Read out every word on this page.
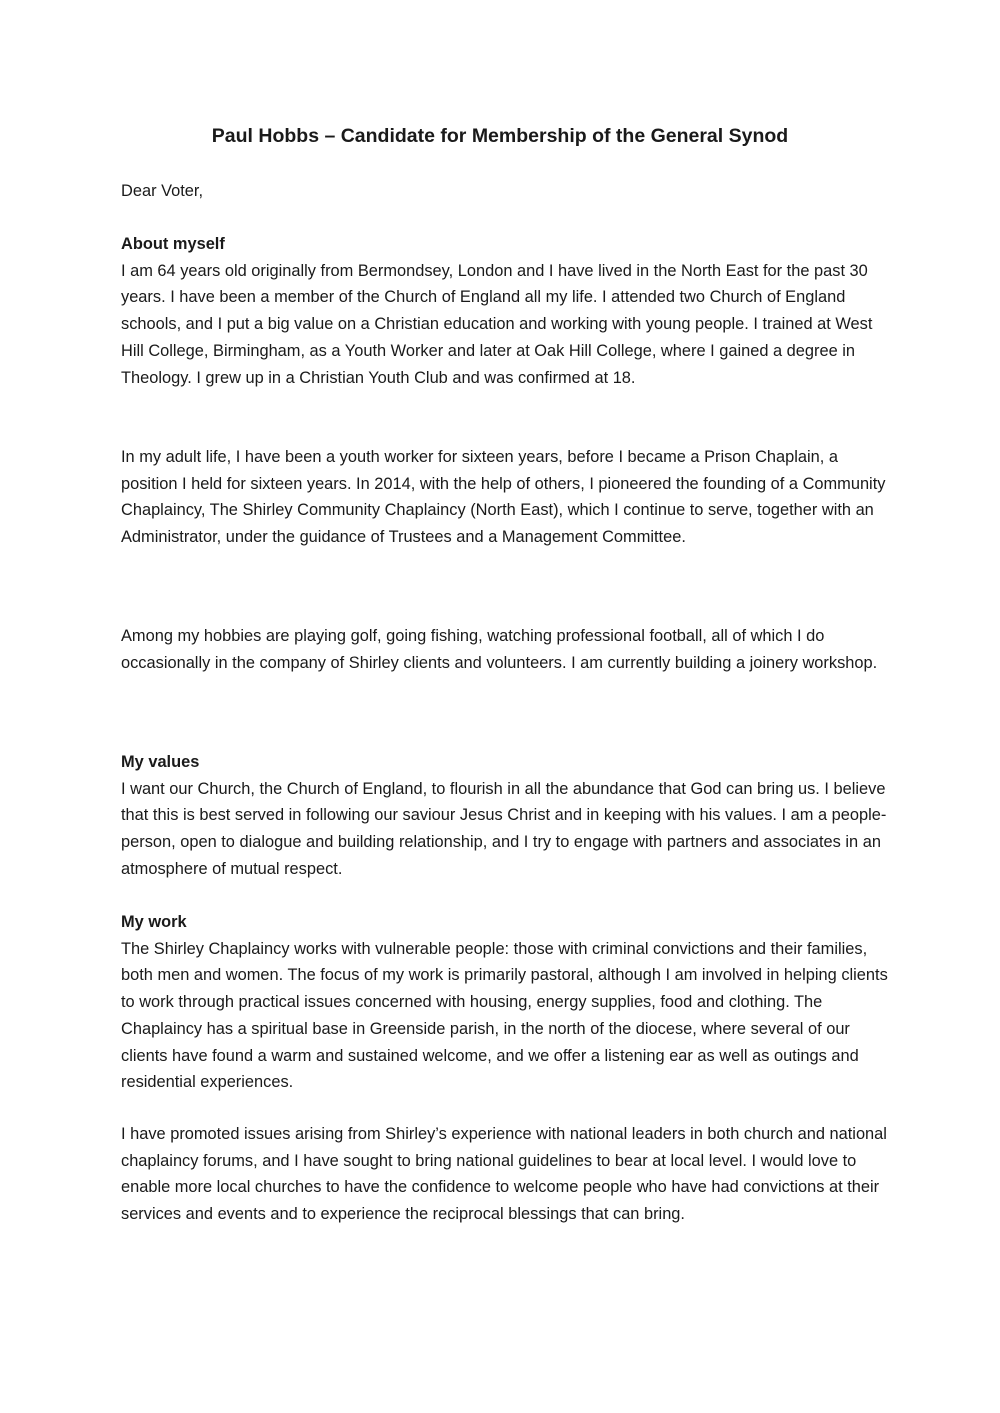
Paul Hobbs – Candidate for Membership of the General Synod

Dear Voter,

About myself

I am 64 years old originally from Bermondsey, London and I have lived in the North East for the past 30 years. I have been a member of the Church of England all my life. I attended two Church of England schools, and I put a big value on a Christian education and working with young people. I trained at West Hill College, Birmingham, as a Youth Worker and later at Oak Hill College, where I gained a degree in Theology. I grew up in a Christian Youth Club and was confirmed at 18.

In my adult life, I have been a youth worker for sixteen years, before I became a Prison Chaplain, a position I held for sixteen years. In 2014, with the help of others, I pioneered the founding of a Community Chaplaincy, The Shirley Community Chaplaincy (North East), which I continue to serve, together with an Administrator, under the guidance of Trustees and a Management Committee.

Among my hobbies are playing golf, going fishing, watching professional football, all of which I do occasionally in the company of Shirley clients and volunteers. I am currently building a joinery workshop.

My values

I want our Church, the Church of England, to flourish in all the abundance that God can bring us. I believe that this is best served in following our saviour Jesus Christ and in keeping with his values. I am a people-person, open to dialogue and building relationship, and I try to engage with partners and associates in an atmosphere of mutual respect.

My work

The Shirley Chaplaincy works with vulnerable people: those with criminal convictions and their families, both men and women. The focus of my work is primarily pastoral, although I am involved in helping clients to work through practical issues concerned with housing, energy supplies, food and clothing. The Chaplaincy has a spiritual base in Greenside parish, in the north of the diocese, where several of our clients have found a warm and sustained welcome, and we offer a listening ear as well as outings and residential experiences.

I have promoted issues arising from Shirley’s experience with national leaders in both church and national chaplaincy forums, and I have sought to bring national guidelines to bear at local level. I would love to enable more local churches to have the confidence to welcome people who have had convictions at their services and events and to experience the reciprocal blessings that can bring.
